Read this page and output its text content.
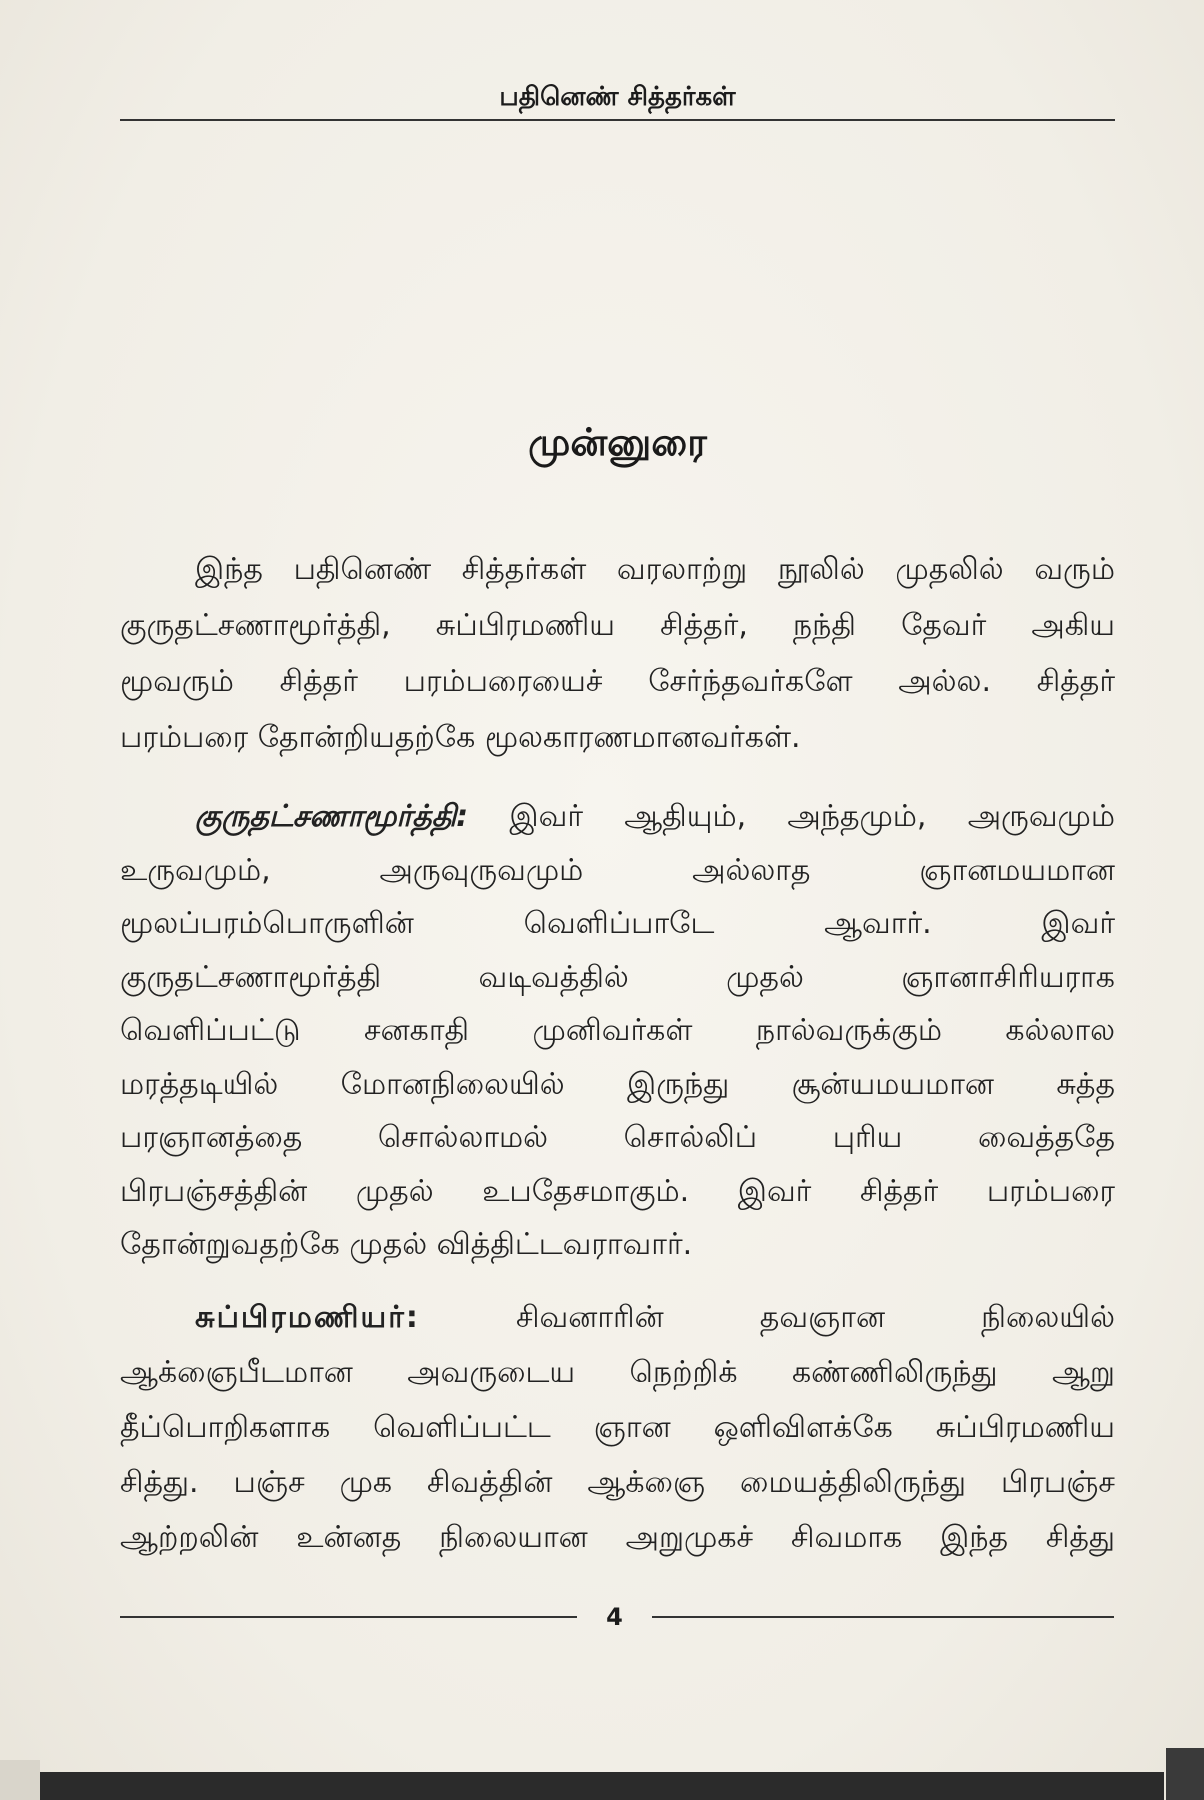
பதினெண் சித்தர்கள்
முன்னுரை
இந்த பதினெண் சித்தர்கள் வரலாற்று நூலில் முதலில் வரும்
குருதட்சணாமூர்த்தி, சுப்பிரமணிய சித்தர், நந்தி தேவர் அகிய
மூவரும் சித்தர் பரம்பரையைச் சேர்ந்தவர்களே அல்ல. சித்தர்
பரம்பரை தோன்றியதற்கே மூலகாரணமானவர்கள்.
குருதட்சணாமூர்த்தி: இவர் ஆதியும், அந்தமும், அருவமும்
உருவமும், அருவுருவமும் அல்லாத ஞானமயமான
மூலப்பரம்பொருளின் வெளிப்பாடே ஆவார். இவர்
குருதட்சணாமூர்த்தி வடிவத்தில் முதல் ஞானாசிரியராக
வெளிப்பட்டு சனகாதி முனிவர்கள் நால்வருக்கும் கல்லால
மரத்தடியில் மோனநிலையில் இருந்து சூன்யமயமான சுத்த
பரஞானத்தை சொல்லாமல் சொல்லிப் புரிய வைத்ததே
பிரபஞ்சத்தின் முதல் உபதேசமாகும். இவர் சித்தர் பரம்பரை
தோன்றுவதற்கே முதல் வித்திட்டவராவார்.
சுப்பிரமணியர்:	சிவனாரின் தவஞான நிலையில்
ஆக்ஞைபீடமான அவருடைய நெற்றிக் கண்ணிலிருந்து ஆறு
தீப்பொறிகளாக வெளிப்பட்ட ஞான ஒளிவிளக்கே சுப்பிரமணிய
சித்து. பஞ்ச முக சிவத்தின் ஆக்ஞை மையத்திலிருந்து பிரபஞ்ச
ஆற்றலின் உன்னத நிலையான அறுமுகச் சிவமாக இந்த சித்து
4
